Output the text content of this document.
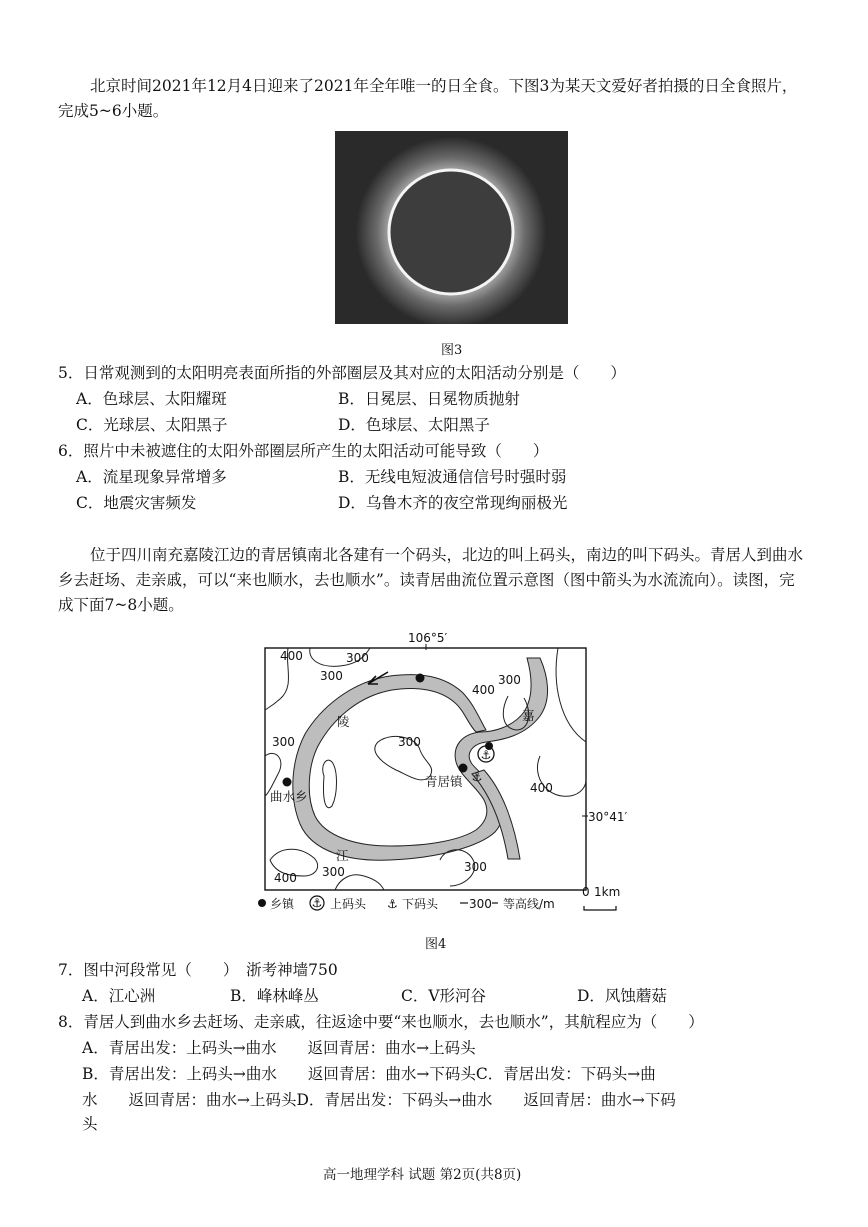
北京时间2021年12月4日迎来了2021年全年唯一的日全食。下图3为某天文爱好者拍摄的日全食照片，完成5~6小题。
图3
5．日常观测到的太阳明亮表面所指的外部圈层及其对应的太阳活动分别是（　　）
A．色球层、太阳耀斑	B．日冕层、日冕物质抛射
C．光球层、太阳黑子	D．色球层、太阳黑子
6．照片中未被遮住的太阳外部圈层所产生的太阳活动可能导致（　　）
A．流星现象异常增多	B．无线电短波通信信号时强时弱
C．地震灾害频发	D．乌鲁木齐的夜空常现绚丽极光
位于四川南充嘉陵江边的青居镇南北各建有一个码头，北边的叫上码头，南边的叫下码头。青居人到曲水乡去赶场、走亲戚，可以“来也顺水，去也顺水”。读青居曲流位置示意图（图中箭头为水流流向）。读图，完成下面7~8小题。
⚓
⚓
400	300
300
400
300
300	300
400
300
400 300
陵	嘉
江
曲水乡
青居镇
106°5′
30°41′
乡镇 ⚓ 上码头 ⚓ 下码头	300 等高线/m
0 1km
图4
7．图中河段常见（　　）　浙考神墙750
A．江心洲	B．峰林峰丛	C．V形河谷	D．风蚀蘑菇
8．青居人到曲水乡去赶场、走亲戚，往返途中要“来也顺水，去也顺水”，其航程应为（　　）
A．青居出发：上码头→曲水　　返回青居：曲水→上码头
B．青居出发：上码头→曲水　　返回青居：曲水→下码头C．青居出发：下码头→曲
水　　返回青居：曲水→上码头D．青居出发：下码头→曲水　　返回青居：曲水→下码
头
高一地理学科 试题 第2页(共8页)
